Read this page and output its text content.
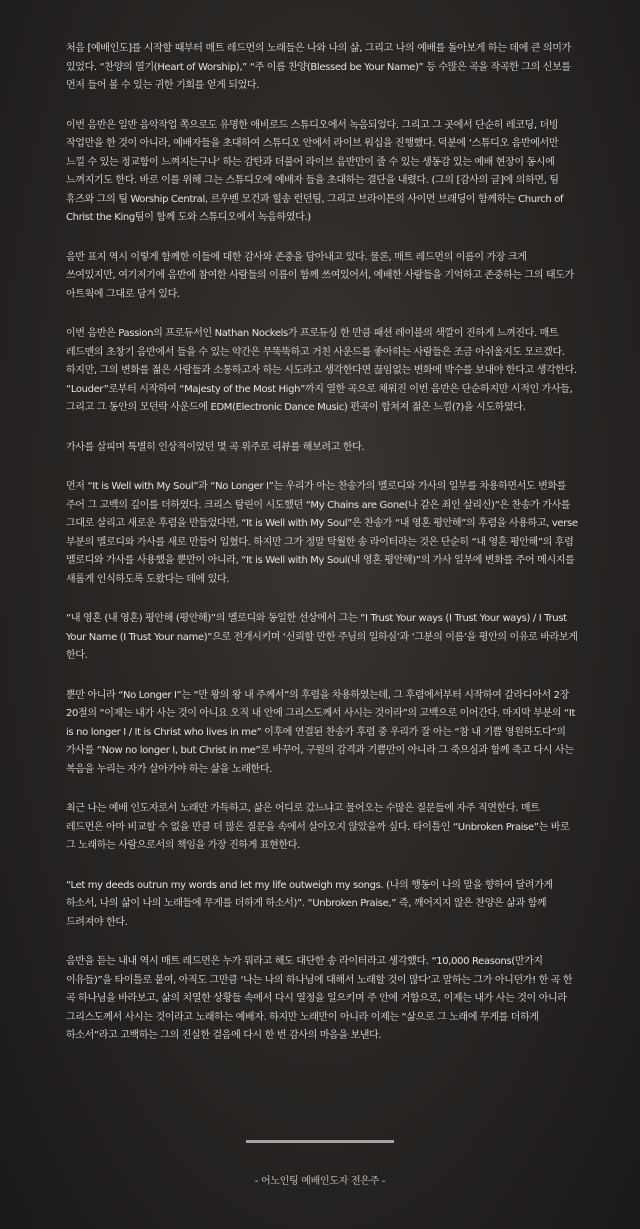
처음 [예배인도]를 시작할 때부터 매트 레드먼의 노래들은 나와 나의 삶, 그리고 나의 예배를 돌아보게 하는 데에 큰 의미가 있었다. “찬양의 열기(Heart of Worship),” “주 이름 찬양(Blessed be Your Name)” 등 수많은 곡을 작곡한 그의 신보를 먼저 들어 볼 수 있는 귀한 기회를 얻게 되었다.

이번 음반은 일반 음악작업 쪽으로도 유명한 애비로드 스튜디오에서 녹음되었다. 그리고 그 곳에서 단순히 레코딩, 더빙 작업만을 한 것이 아니라, 예배자들을 초대하여 스튜디오 안에서 라이브 워십을 진행했다. 덕분에 ‘스튜디오 음반에서만 느낄 수 있는 정교함이 느껴지는구나’ 하는 감탄과 더불어 라이브 음반만이 줄 수 있는 생동감 있는 예배 현장이 동시에 느껴지기도 한다. 바로 이를 위해 그는 스튜디오에 예배자 들을 초대하는 결단을 내렸다. (그의 [감사의 글]에 의하면, 팀 휴즈와 그의 팀 Worship Central, 르우벤 모건과 힐송 런던팀, 그리고 브라이튼의 사이먼 브래딩이 함께하는 Church of Christ the King팀이 함께 도와 스튜디오에서 녹음하였다.)

음반 표지 역시 이렇게 함께한 이들에 대한 감사와 존중을 담아내고 있다. 물론, 매트 레드먼의 이름이 가장 크게 쓰여있지만, 여기저기에 음반에 참여한 사람들의 이름이 함께 쓰여있어서, 예배한 사람들을 기억하고 존중하는 그의 태도가 아트웍에 그대로 담겨 있다.

이번 음반은 Passion의 프로듀서인 Nathan Nockels가 프로듀싱 한 만큼 패션 레이블의 색깔이 진하게 느껴진다. 매트 레드맨의 초창기 음반에서 들을 수 있는 약간은 무뚝뚝하고 거친 사운드를 좋아하는 사람들은 조금 아쉬울지도 모르겠다. 하지만, 그의 변화를 젊은 사람들과 소통하고자 하는 시도라고 생각한다면 끊임없는 변화에 박수를 보내야 한다고 생각한다. “Louder”로부터 시작하여 “Majesty of the Most High”까지 열한 곡으로 채워진 이번 음반은 단순하지만 시적인 가사들, 그리고 그 동안의 모던락 사운드에 EDM(Electronic Dance Music) 편곡이 합쳐져 젊은 느낌(?)을 시도하였다.

가사를 살피며 특별히 인상적이었던 몇 곡 위주로 리뷰를 해보려고 한다.

먼저 “It is Well with My Soul”과 “No Longer I”는 우리가 아는 찬송가의 멜로디와 가사의 일부를 차용하면서도 변화를 주어 그 고백의 깊이를 더하였다. 크리스 탐린이 시도했던 “My Chains are Gone(나 같은 죄인 살리신)”은 찬송가 가사를 그대로 살리고 새로운 후렴을 만들었다면, “It is Well with My Soul”은 찬송가 “내 영혼 평안해”의 후렴을 사용하고, verse 부분의 멜로디와 가사를 새로 만들어 입혔다. 하지만 그가 정말 탁월한 송 라이터라는 것은 단순히 “내 영혼 평안해”의 후렴 멜로디와 가사를 사용했을 뿐만이 아니라, “It is Well with My Soul(내 영혼 평안해)”의 가사 일부에 변화를 주어 메시지를 새롭게 인식하도록 도왔다는 데에 있다.

“내 영혼 (내 영혼) 평안해 (평안해)”의 멜로디와 동일한 선상에서 그는 “I Trust Your ways (I Trust Your ways) / I Trust Your Name (I Trust Your name)”으로 전개시키며 ‘신뢰할 만한 주님의 일하심’과 ‘그분의 이름’을 평안의 이유로 바라보게 한다.

뿐만 아니라 “No Longer I”는 “만 왕의 왕 내 주께서”의 후렴을 차용하였는데, 그 후렴에서부터 시작하여 갈라디아서 2장 20절의 “이제는 내가 사는 것이 아니요 오직 내 안에 그리스도께서 사시는 것이라”의 고백으로 이어간다. 마지막 부분의 “It is no longer I / It is Christ who lives in me” 이후에 연결된 찬송가 후렴 중 우리가 잘 아는 “참 내 기쁨 영원하도다”의 가사를 “Now no longer I, but Christ in me”로 바꾸어, 구원의 감격과 기쁨만이 아니라 그 죽으심과 함께 죽고 다시 사는 복음을 누리는 자가 살아가야 하는 삶을 노래한다.

최근 나는 예배 인도자로서 노래만 가득하고, 삶은 어디로 갔느냐고 물어오는 수많은 질문들에 자주 직면한다. 매트 레드먼은 아마 비교할 수 없을 만큼 더 많은 질문을 속에서 살아오지 않았을까 싶다. 타이틀인 “Unbroken Praise”는 바로 그 노래하는 사람으로서의 책임을 가장 진하게 표현한다.

“Let my deeds outrun my words and let my life outweigh my songs. (나의 행동이 나의 말을 향하여 달려가게 하소서, 나의 삶이 나의 노래들에 무게를 더하게 하소서)”. “Unbroken Praise,” 즉, 깨어지지 않은 찬양은 삶과 함께 드려져야 한다.

음반을 듣는 내내 역시 매트 레드먼은 누가 뭐라고 해도 대단한 송 라이터라고 생각했다. “10,000 Reasons(만가지 이유들)”을 타이틀로 붙여, 아직도 그만큼 ‘나는 나의 하나님에 대해서 노래할 것이 많다’고 말하는 그가 아니던가! 한 곡 한 곡 하나님을 바라보고, 삶의 치열한 상황들 속에서 다시 열정을 일으키며 주 안에 거함으로, 이제는 내가 사는 것이 아니라 그리스도께서 사시는 것이라고 노래하는 예배자. 하지만 노래만이 아니라 이제는 “삶으로 그 노래에 무게를 더하게 하소서”라고 고백하는 그의 진실한 걸음에 다시 한 번 감사의 마음을 보낸다.

- 어노인팅 예배인도자 전은주 -
